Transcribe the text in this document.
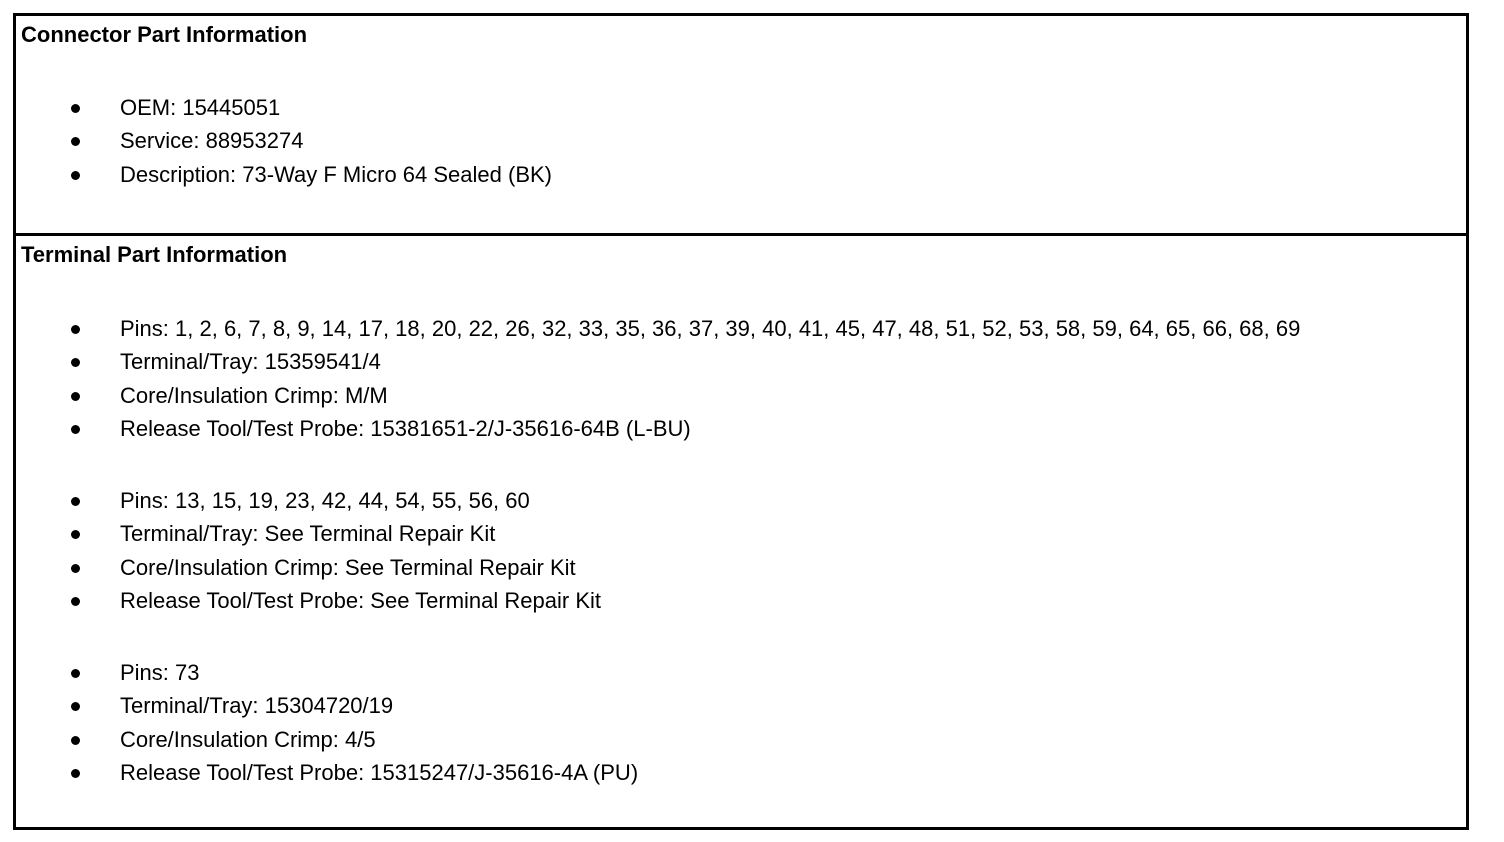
Connector Part Information
OEM: 15445051
Service: 88953274
Description: 73-Way F Micro 64 Sealed (BK)
Terminal Part Information
Pins: 1, 2, 6, 7, 8, 9, 14, 17, 18, 20, 22, 26, 32, 33, 35, 36, 37, 39, 40, 41, 45, 47, 48, 51, 52, 53, 58, 59, 64, 65, 66, 68, 69
Terminal/Tray: 15359541/4
Core/Insulation Crimp: M/M
Release Tool/Test Probe: 15381651-2/J-35616-64B (L-BU)
Pins: 13, 15, 19, 23, 42, 44, 54, 55, 56, 60
Terminal/Tray: See Terminal Repair Kit
Core/Insulation Crimp: See Terminal Repair Kit
Release Tool/Test Probe: See Terminal Repair Kit
Pins: 73
Terminal/Tray: 15304720/19
Core/Insulation Crimp: 4/5
Release Tool/Test Probe: 15315247/J-35616-4A (PU)
